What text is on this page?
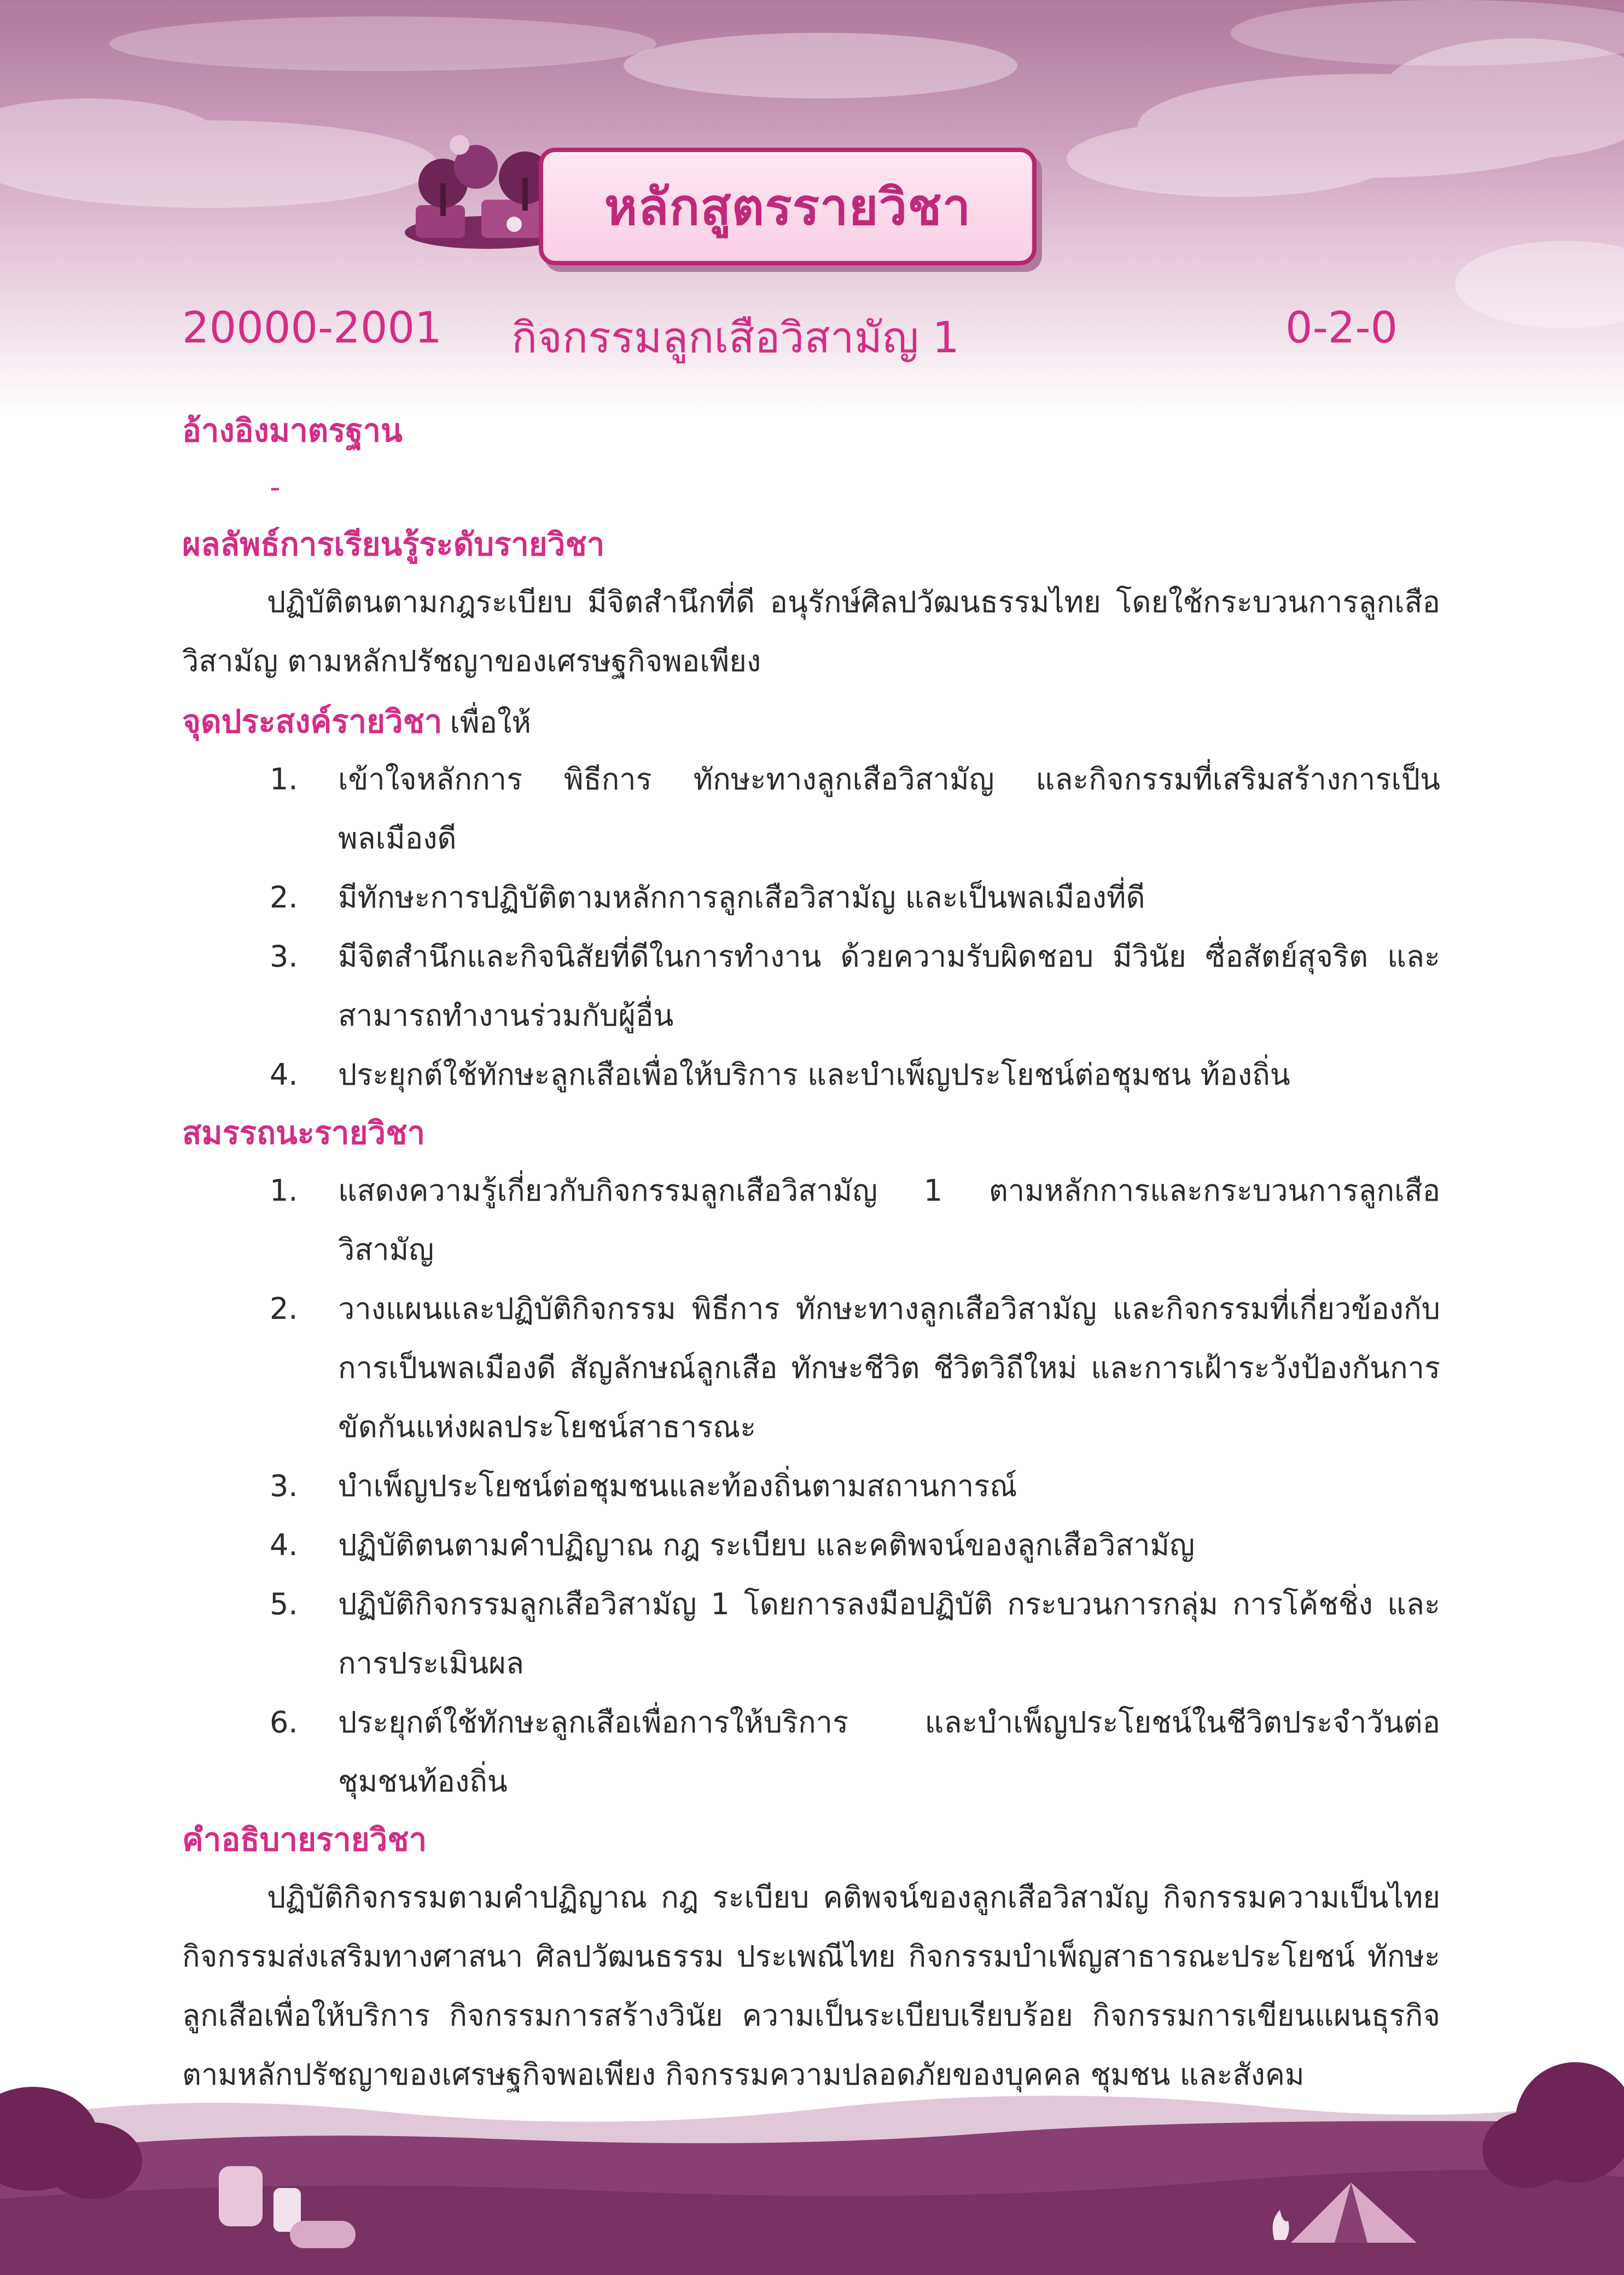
หลักสูตรรายวิชา
20000-2001 กิจกรรมลูกเสือวิสามัญ 1	0-2-0
อ้างอิงมาตรฐาน
-
ผลลัพธ์การเรียนรู้ระดับรายวิชา

ปฏิบัติตนตามกฎระเบียบ มีจิตสำนึกที่ดี อนุรักษ์ศิลปวัฒนธรรมไทย โดยใช้กระบวนการลูกเสือวิสามัญ ตามหลักปรัชญาของเศรษฐกิจพอเพียง

จุดประสงค์รายวิชา เพื่อให้
1. เข้าใจหลักการ พิธีการ ทักษะทางลูกเสือวิสามัญ และกิจกรรมที่เสริมสร้างการเป็นพลเมืองดี
2. มีทักษะการปฏิบัติตามหลักการลูกเสือวิสามัญ และเป็นพลเมืองที่ดี
3. มีจิตสำนึกและกิจนิสัยที่ดีในการทำงาน ด้วยความรับผิดชอบ มีวินัย ซื่อสัตย์สุจริต และสามารถทำงานร่วมกับผู้อื่น
4. ประยุกต์ใช้ทักษะลูกเสือเพื่อให้บริการ และบำเพ็ญประโยชน์ต่อชุมชน ท้องถิ่น
สมรรถนะรายวิชา
1. แสดงความรู้เกี่ยวกับกิจกรรมลูกเสือวิสามัญ 1 ตามหลักการและกระบวนการลูกเสือวิสามัญ
2. วางแผนและปฏิบัติกิจกรรม พิธีการ ทักษะทางลูกเสือวิสามัญ และกิจกรรมที่เกี่ยวข้องกับการเป็นพลเมืองดี สัญลักษณ์ลูกเสือ ทักษะชีวิต ชีวิตวิถีใหม่ และการเฝ้าระวังป้องกันการขัดกันแห่งผลประโยชน์สาธารณะ
3. บำเพ็ญประโยชน์ต่อชุมชนและท้องถิ่นตามสถานการณ์
4. ปฏิบัติตนตามคำปฏิญาณ กฎ ระเบียบ และคติพจน์ของลูกเสือวิสามัญ
5. ปฏิบัติกิจกรรมลูกเสือวิสามัญ 1 โดยการลงมือปฏิบัติ กระบวนการกลุ่ม การโค้ชชิ่ง และการประเมินผล
6. ประยุกต์ใช้ทักษะลูกเสือเพื่อการให้บริการ และบำเพ็ญประโยชน์ในชีวิตประจำวันต่อชุมชนท้องถิ่น
คำอธิบายรายวิชา

ปฏิบัติกิจกรรมตามคำปฏิญาณ กฎ ระเบียบ คติพจน์ของลูกเสือวิสามัญ กิจกรรมความเป็นไทย กิจกรรมส่งเสริมทางศาสนา ศิลปวัฒนธรรม ประเพณีไทย กิจกรรมบำเพ็ญสาธารณะประโยชน์ ทักษะลูกเสือเพื่อให้บริการ กิจกรรมการสร้างวินัย ความเป็นระเบียบเรียบร้อย กิจกรรมการเขียนแผนธุรกิจตามหลักปรัชญาของเศรษฐกิจพอเพียง กิจกรรมความปลอดภัยของบุคคล ชุมชน และสังคม
